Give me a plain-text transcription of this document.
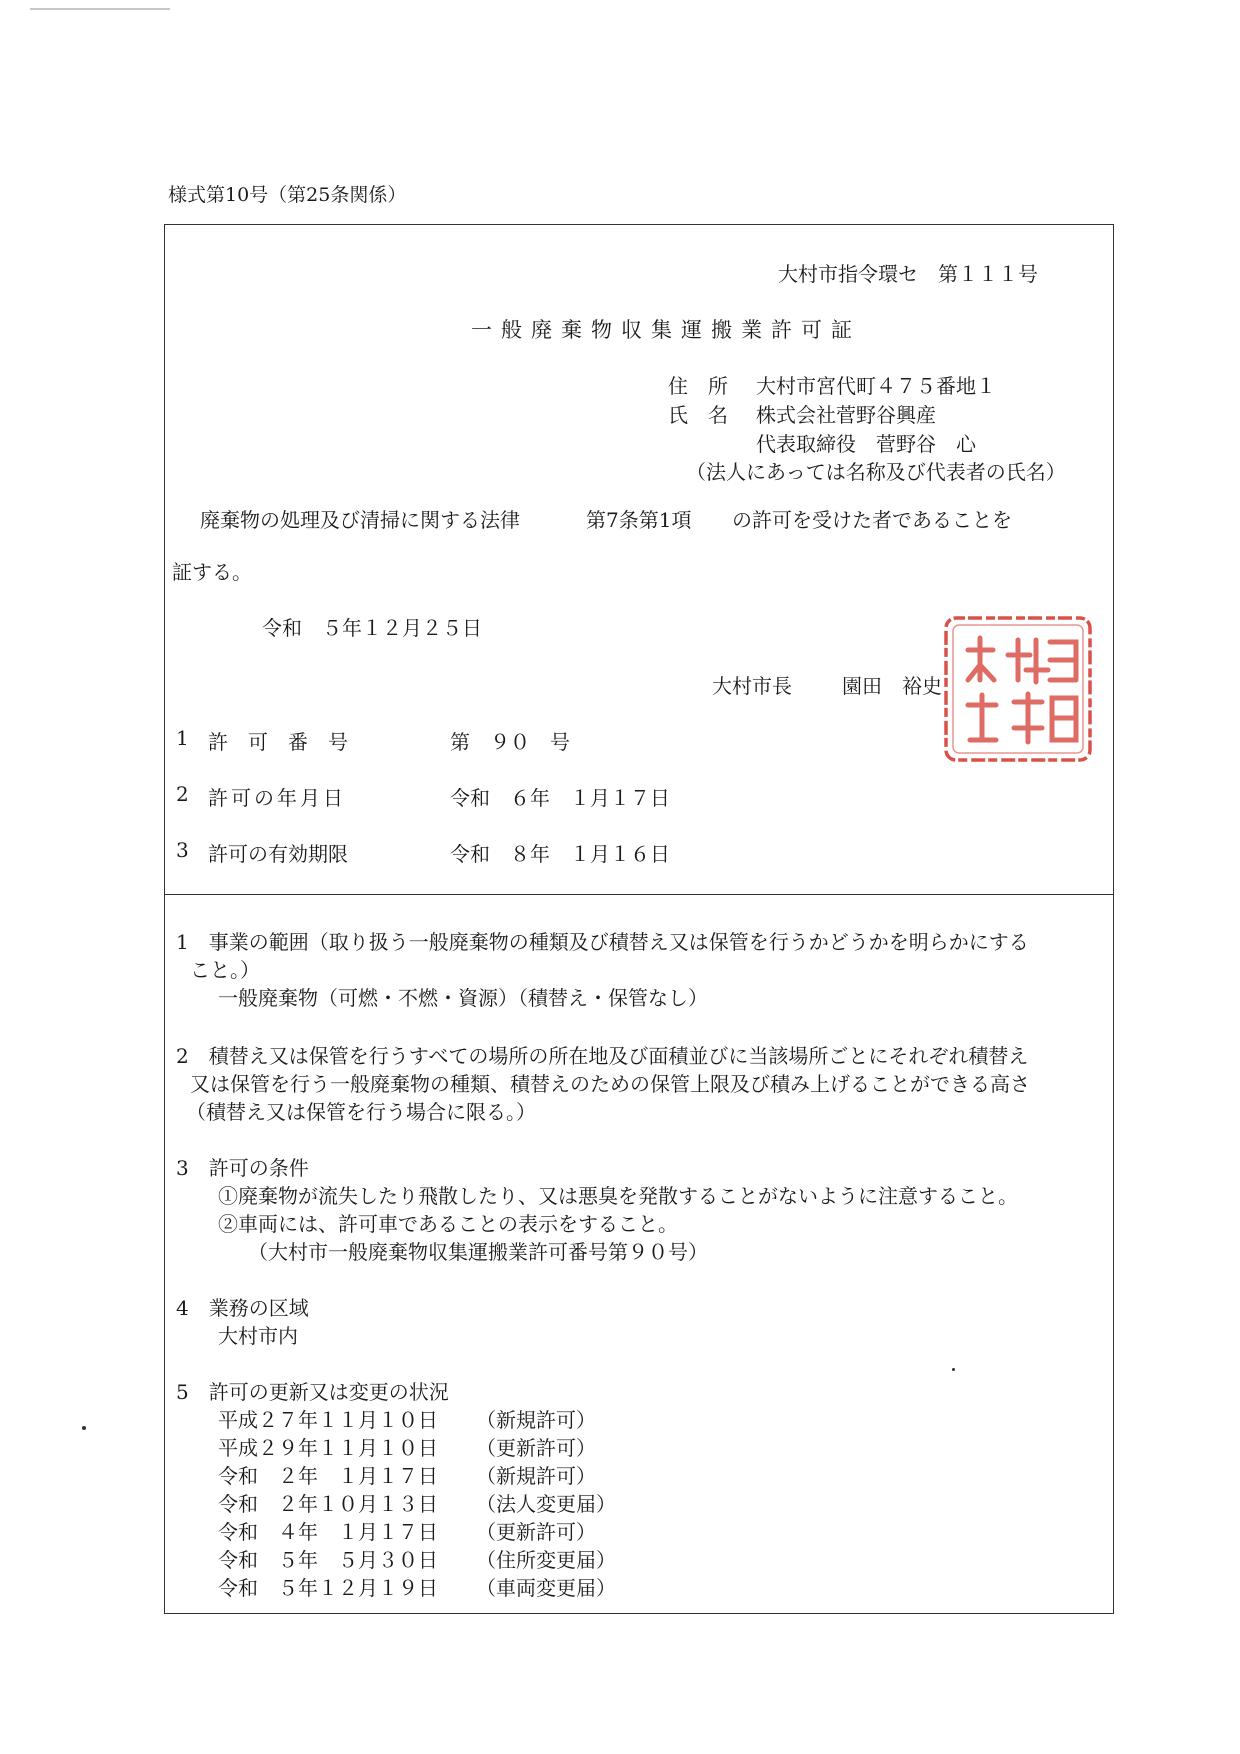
様式第10号（第25条関係）
大村市指令環セ　第１１１号
一般廃棄物収集運搬業許可証
住　所 大村市宮代町４７５番地１
氏　名 株式会社菅野谷興産
代表取締役　菅野谷　心
（法人にあっては名称及び代表者の氏名）
廃棄物の処理及び清掃に関する法律	第7条第1項 の許可を受けた者であることを
証する。
令和　５年１２月２５日
大村市長	園田　裕史
1 許　可　番　号	第　９０　号
2 許可の年月日	令和　６年　１月１７日
3 許可の有効期限	令和　８年　１月１６日
1　事業の範囲（取り扱う一般廃棄物の種類及び積替え又は保管を行うかどうかを明らかにする
こと。）
一般廃棄物（可燃・不燃・資源）（積替え・保管なし）
2　積替え又は保管を行うすべての場所の所在地及び面積並びに当該場所ごとにそれぞれ積替え
又は保管を行う一般廃棄物の種類、積替えのための保管上限及び積み上げることができる高さ
（積替え又は保管を行う場合に限る。）
3　許可の条件
①廃棄物が流失したり飛散したり、又は悪臭を発散することがないように注意すること。
②車両には、許可車であることの表示をすること。
（大村市一般廃棄物収集運搬業許可番号第９０号）
4　業務の区域
大村市内
5　許可の更新又は変更の状況
平成２７年１１月１０日 （新規許可）
平成２９年１１月１０日 （更新許可）
令和　２年　１月１７日 （新規許可）
令和　２年１０月１３日 （法人変更届）
令和　４年　１月１７日 （更新許可）
令和　５年　５月３０日 （住所変更届）
令和　５年１２月１９日 （車両変更届）
